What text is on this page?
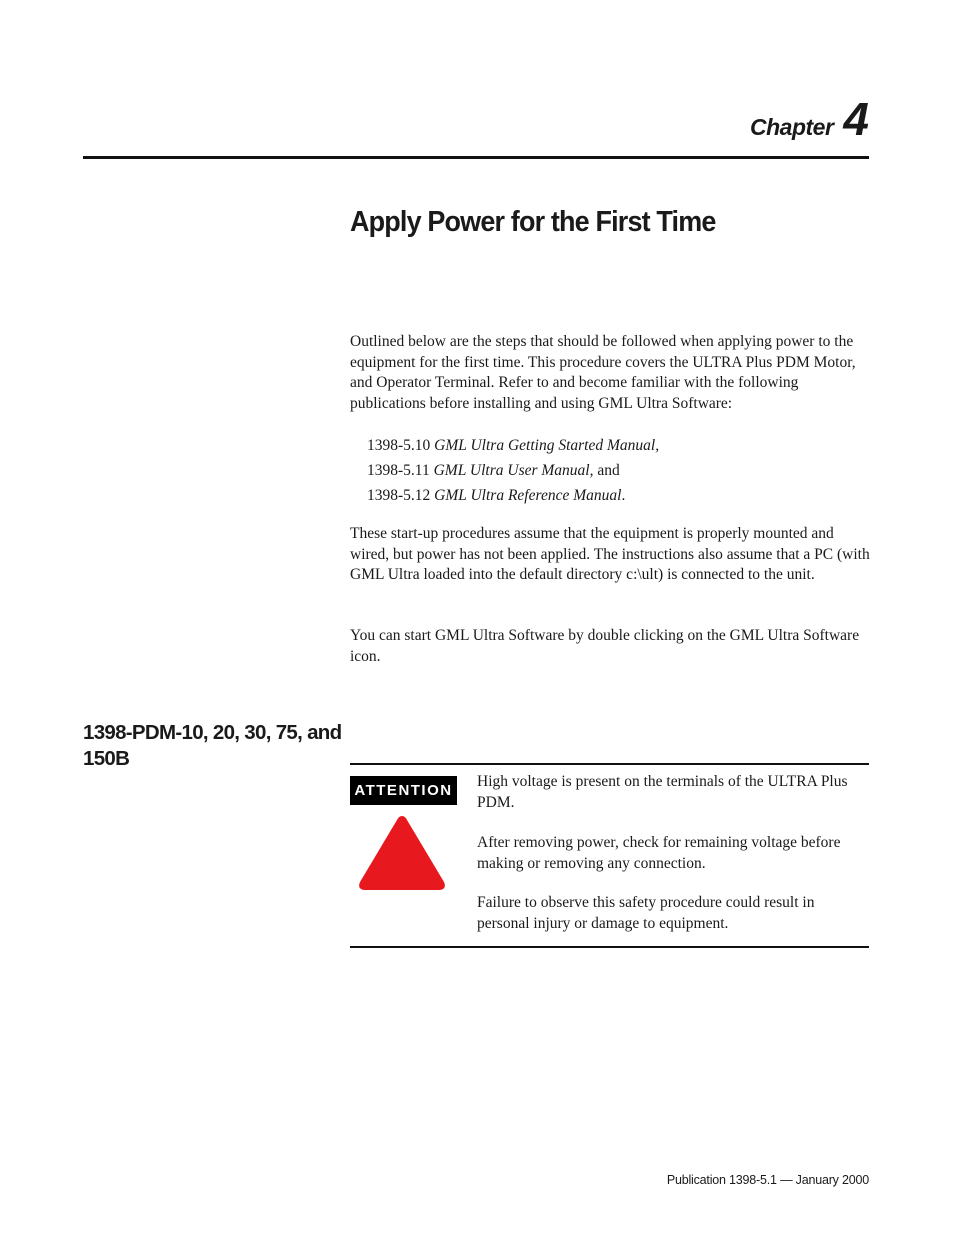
Chapter 4
Apply Power for the First Time

Outlined below are the steps that should be followed when applying power to the equipment for the first time. This procedure covers the ULTRA Plus PDM Motor, and Operator Terminal. Refer to and become familiar with the following publications before installing and using GML Ultra Software:

1398-5.10 GML Ultra Getting Started Manual,
1398-5.11 GML Ultra User Manual, and
1398-5.12 GML Ultra Reference Manual.

These start-up procedures assume that the equipment is properly mounted and wired, but power has not been applied. The instructions also assume that a PC (with GML Ultra loaded into the default directory c:\ult) is connected to the unit.

You can start GML Ultra Software by double clicking on the GML Ultra Software icon.

1398-PDM-10, 20, 30, 75, and 150B
ATTENTION

High voltage is present on the terminals of the ULTRA Plus PDM.

After removing power, check for remaining voltage before making or removing any connection.

Failure to observe this safety procedure could result in personal injury or damage to equipment.

Publication 1398-5.1 — January 2000
